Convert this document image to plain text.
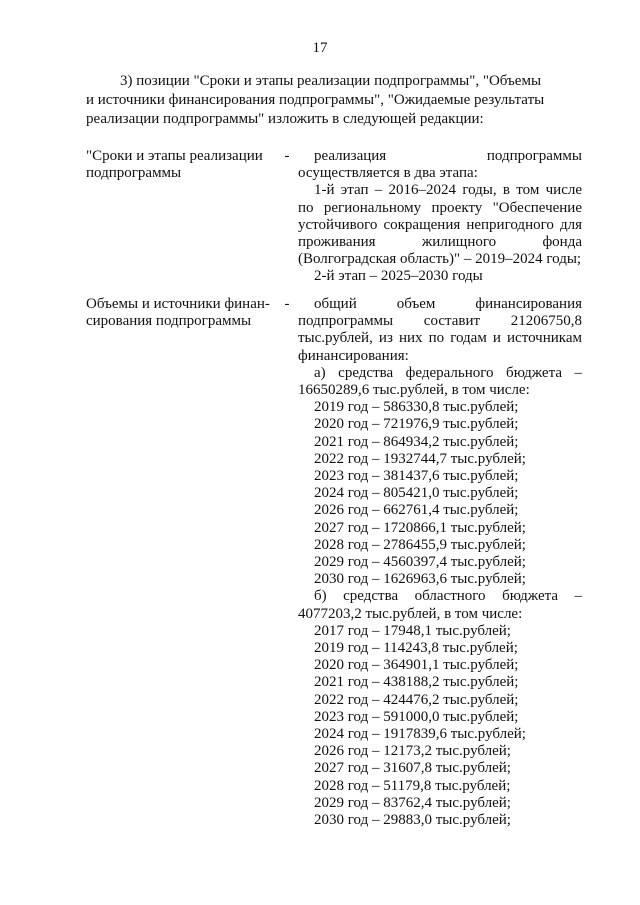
17
3) позиции "Сроки и этапы реализации подпрограммы", "Объемы
и источники финансирования подпрограммы", "Ожидаемые результаты
реализации подпрограммы" изложить в следующей редакции:
"Сроки и этапы реализации
подпрограммы
-	реализация подпрограммы осуществляется в два этапа:

1-й этап – 2016–2024 годы, в том числе по региональному проекту "Обеспечение устойчивого сокращения непригодного для проживания жилищного фонда (Волгоградская область)" – 2019–2024 годы;

2-й этап – 2025–2030 годы

Объемы и источники финан-
сирования подпрограммы
-	общий объем финансирования подпрограммы составит 21206750,8 тыс.рублей, из них по годам и источникам финансирования:

а) средства федерального бюджета – 16650289,6 тыс.рублей, в том числе:

2019 год – 586330,8 тыс.рублей;

2020 год – 721976,9 тыс.рублей;

2021 год – 864934,2 тыс.рублей;

2022 год – 1932744,7 тыс.рублей;

2023 год – 381437,6 тыс.рублей;

2024 год – 805421,0 тыс.рублей;

2026 год – 662761,4 тыс.рублей;

2027 год – 1720866,1 тыс.рублей;

2028 год – 2786455,9 тыс.рублей;

2029 год – 4560397,4 тыс.рублей;

2030 год – 1626963,6 тыс.рублей;

б) средства областного бюджета – 4077203,2 тыс.рублей, в том числе:

2017 год – 17948,1 тыс.рублей;

2019 год – 114243,8 тыс.рублей;

2020 год – 364901,1 тыс.рублей;

2021 год – 438188,2 тыс.рублей;

2022 год – 424476,2 тыс.рублей;

2023 год – 591000,0 тыс.рублей;

2024 год – 1917839,6 тыс.рублей;

2026 год – 12173,2 тыс.рублей;

2027 год – 31607,8 тыс.рублей;

2028 год – 51179,8 тыс.рублей;

2029 год – 83762,4 тыс.рублей;

2030 год – 29883,0 тыс.рублей;
